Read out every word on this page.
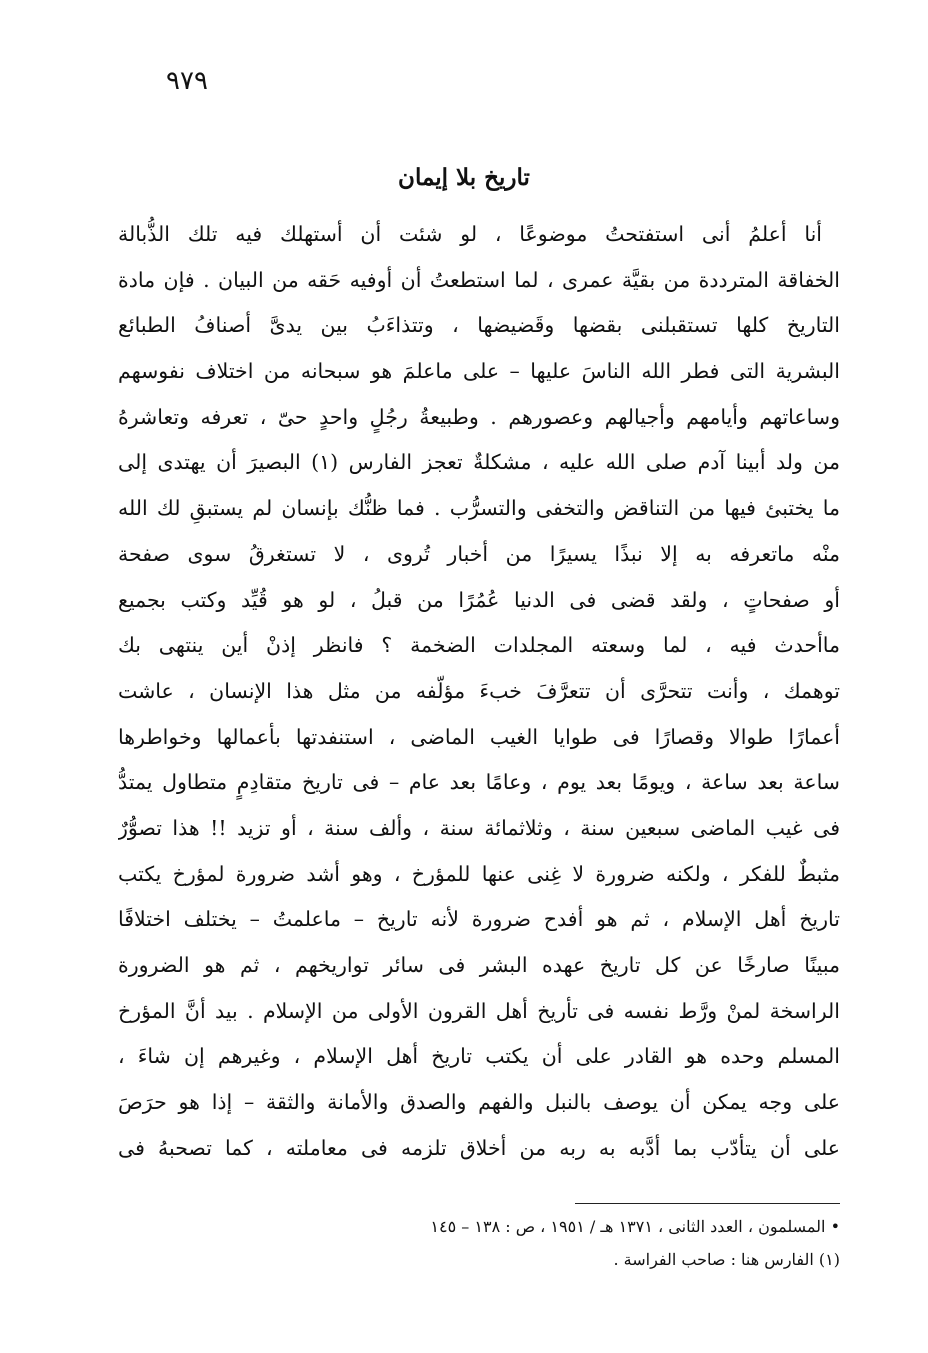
٩٧٩
تاريخ بلا إيمان
أنا أعلمُ أنى استفتحتُ موضوعًا ، لو شئت أن أستهلك فيه تلك الذُّبالة
الخفاقة المترددة من بقيَّة عمرى ، لما استطعتُ أن أوفيه حَقه من البيان . فإن مادة
التاريخ كلها تستقبلنى بقضها وقَضيضها ، وتتذاءَبُ بين يدىَّ أصنافُ الطبائع
البشرية التى فطر الله الناسَ عليها – على ماعلمَ هو سبحانه من اختلاف نفوسهم
وساعاتهم وأيامهم وأجيالهم وعصورهم . وطبيعةُ رجُلٍ واحدٍ حىّ ، تعرفه وتعاشرهُ
من ولد أبينا آدم صلى الله عليه ، مشكلةٌ تعجز الفارس (١) البصيرَ أن يهتدى إلى
ما يختبئ فيها من التناقض والتخفى والتسرُّب . فما ظنُّك بإنسان لم يستبقِ لك الله
منْه ماتعرفه به إلا نبذًا يسيرًا من أخبار تُروى ، لا تستغرقُ سوى صفحة
أو صفحاتٍ ، ولقد قضى فى الدنيا عُمُرًا من قبلُ ، لو هو قُيِّد وكتب بجميع
ماأحدث فيه ، لما وسعته المجلدات الضخمة ؟ فانظر إذنْ أين ينتهى بك
توهمك ، وأنت تتحرَّى أن تتعرَّفَ خبءَ مؤلّفه من مثل هذا الإنسان ، عاشت
أعمارًا طوالا وقصارًا فى طوايا الغيب الماضى ، استنفدتها بأعمالها وخواطرها
ساعة بعد ساعة ، ويومًا بعد يوم ، وعامًا بعد عام – فى تاريخ متقادِمٍ متطاول يمتدُّ
فى غيب الماضى سبعين سنة ، وثلاثمائة سنة ، وألف سنة ، أو تزيد !! هذا تصوُّرٌ
مثبطٌ للفكر ، ولكنه ضرورة لا غِنى عنها للمؤرخ ، وهو أشد ضرورة لمؤرخ يكتب
تاريخ أهل الإسلام ، ثم هو أفدح ضرورة لأنه تاريخ – ماعلمتُ – يختلف اختلافًا
مبينًا صارخًا عن كل تاريخ عهده البشر فى سائر تواريخهم ، ثم هو الضرورة
الراسخة لمنْ ورَّط نفسه فى تأريخ أهل القرون الأولى من الإسلام . بيد أنَّ المؤرخ
المسلم وحده هو القادر على أن يكتب تاريخ أهل الإسلام ، وغيرهم إن شاءَ ،
على وجه يمكن أن يوصف بالنبل والفهم والصدق والأمانة والثقة – إذا هو حرَصَ
على أن يتأدّب بما أدَّبه به ربه من أخلاق تلزمه فى معاملته ، كما تصحبهُ فى
• المسلمون ، العدد الثانى ، ١٣٧١ هـ / ١٩٥١ ، ص : ١٣٨ – ١٤٥
(١) الفارس هنا : صاحب الفراسة .
